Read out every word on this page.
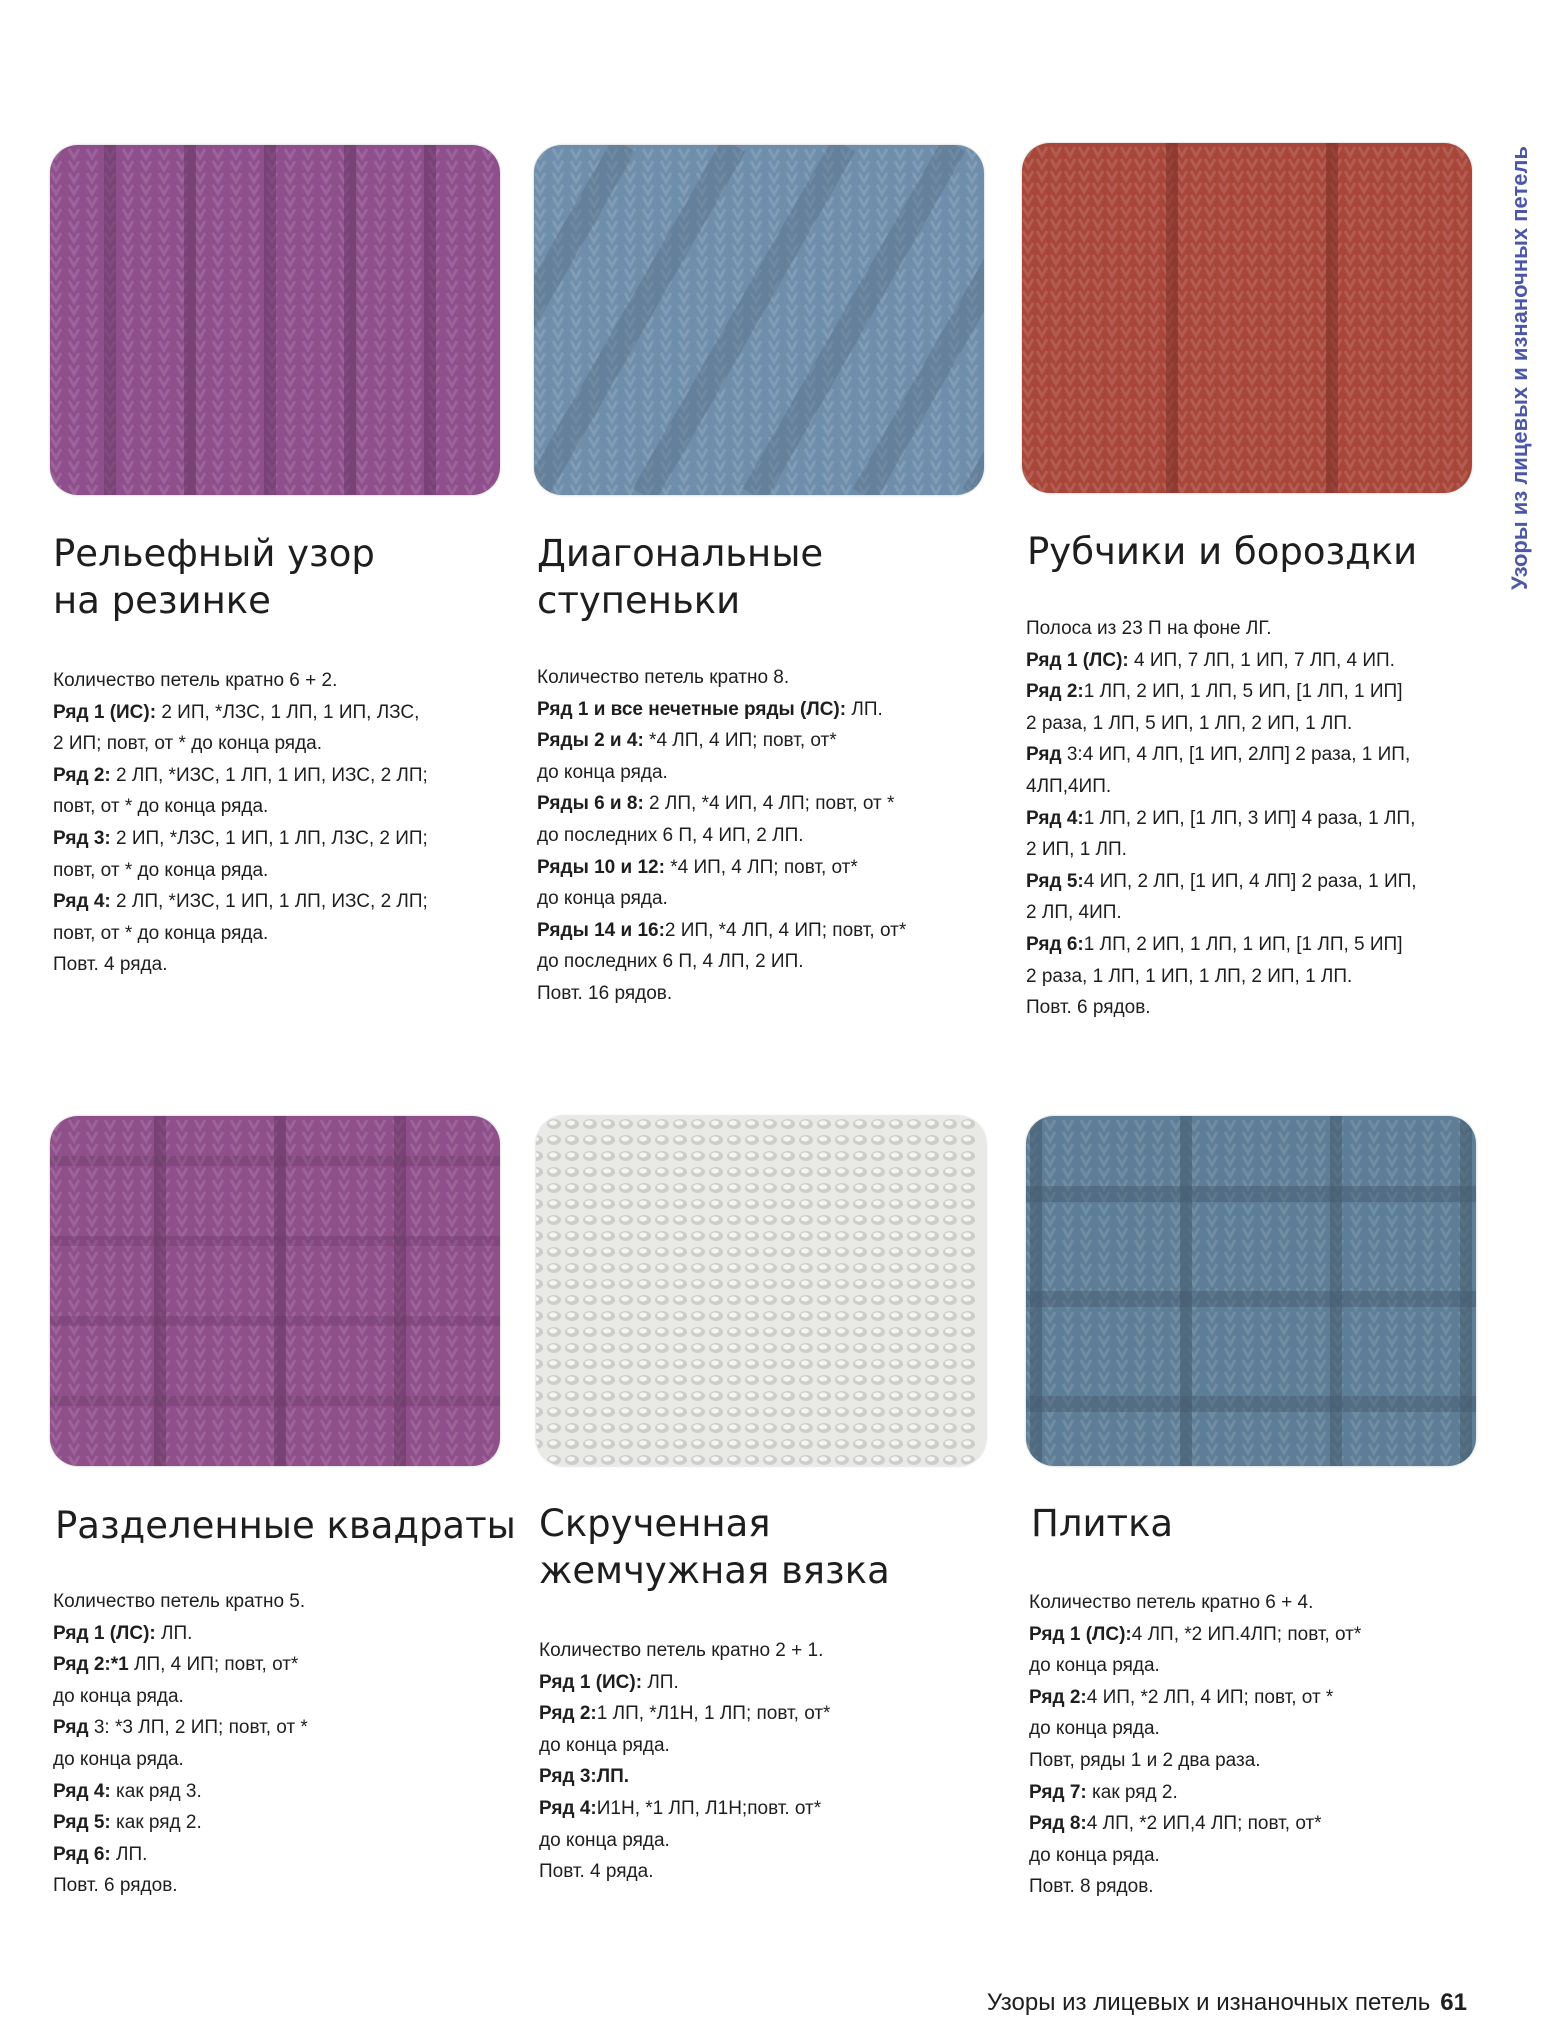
Узоры из лицевых и изнаночных петель
Рельефный узор
на резинке
Количество петель кратно 6 + 2.
Ряд 1 (ИС): 2 ИП, *ЛЗС, 1 ЛП, 1 ИП, ЛЗС,
2 ИП; повт, от * до конца ряда.
Ряд 2: 2 ЛП, *ИЗС, 1 ЛП, 1 ИП, ИЗС, 2 ЛП;
повт, от * до конца ряда.
Ряд 3: 2 ИП, *ЛЗС, 1 ИП, 1 ЛП, ЛЗС, 2 ИП;
повт, от * до конца ряда.
Ряд 4: 2 ЛП, *ИЗС, 1 ИП, 1 ЛП, ИЗС, 2 ЛП;
повт, от * до конца ряда.
Повт. 4 ряда.
Диагональные
ступеньки
Количество петель кратно 8.
Ряд 1 и все нечетные ряды (ЛС): ЛП.
Ряды 2 и 4: *4 ЛП, 4 ИП; повт, от*
до конца ряда.
Ряды 6 и 8: 2 ЛП, *4 ИП, 4 ЛП; повт, от *
до последних 6 П, 4 ИП, 2 ЛП.
Ряды 10 и 12: *4 ИП, 4 ЛП; повт, от*
до конца ряда.
Ряды 14 и 16:2 ИП, *4 ЛП, 4 ИП; повт, от*
до последних 6 П, 4 ЛП, 2 ИП.
Повт. 16 рядов.
Рубчики и бороздки
Полоса из 23 П на фоне ЛГ.
Ряд 1 (ЛС): 4 ИП, 7 ЛП, 1 ИП, 7 ЛП, 4 ИП.
Ряд 2:1 ЛП, 2 ИП, 1 ЛП, 5 ИП, [1 ЛП, 1 ИП]
2 раза, 1 ЛП, 5 ИП, 1 ЛП, 2 ИП, 1 ЛП.
Ряд 3:4 ИП, 4 ЛП, [1 ИП, 2ЛП] 2 раза, 1 ИП,
4ЛП,4ИП.
Ряд 4:1 ЛП, 2 ИП, [1 ЛП, 3 ИП] 4 раза, 1 ЛП,
2 ИП, 1 ЛП.
Ряд 5:4 ИП, 2 ЛП, [1 ИП, 4 ЛП] 2 раза, 1 ИП,
2 ЛП, 4ИП.
Ряд 6:1 ЛП, 2 ИП, 1 ЛП, 1 ИП, [1 ЛП, 5 ИП]
2 раза, 1 ЛП, 1 ИП, 1 ЛП, 2 ИП, 1 ЛП.
Повт. 6 рядов.
Разделенные квадраты
Количество петель кратно 5.
Ряд 1 (ЛС): ЛП.
Ряд 2:*1 ЛП, 4 ИП; повт, от*
до конца ряда.
Ряд 3: *3 ЛП, 2 ИП; повт, от *
до конца ряда.
Ряд 4: как ряд 3.
Ряд 5: как ряд 2.
Ряд 6: ЛП.
Повт. 6 рядов.
Скрученная
жемчужная вязка
Количество петель кратно 2 + 1.
Ряд 1 (ИС): ЛП.
Ряд 2:1 ЛП, *Л1Н, 1 ЛП; повт, от*
до конца ряда.
Ряд 3:ЛП.
Ряд 4:И1Н, *1 ЛП, Л1Н;повт. от*
до конца ряда.
Повт. 4 ряда.
Плитка
Количество петель кратно 6 + 4.
Ряд 1 (ЛС):4 ЛП, *2 ИП.4ЛП; повт, от*
до конца ряда.
Ряд 2:4 ИП, *2 ЛП, 4 ИП; повт, от *
до конца ряда.
Повт, ряды 1 и 2 два раза.
Ряд 7: как ряд 2.
Ряд 8:4 ЛП, *2 ИП,4 ЛП; повт, от*
до конца ряда.
Повт. 8 рядов.
Узоры из лицевых и изнаночных петель 61
